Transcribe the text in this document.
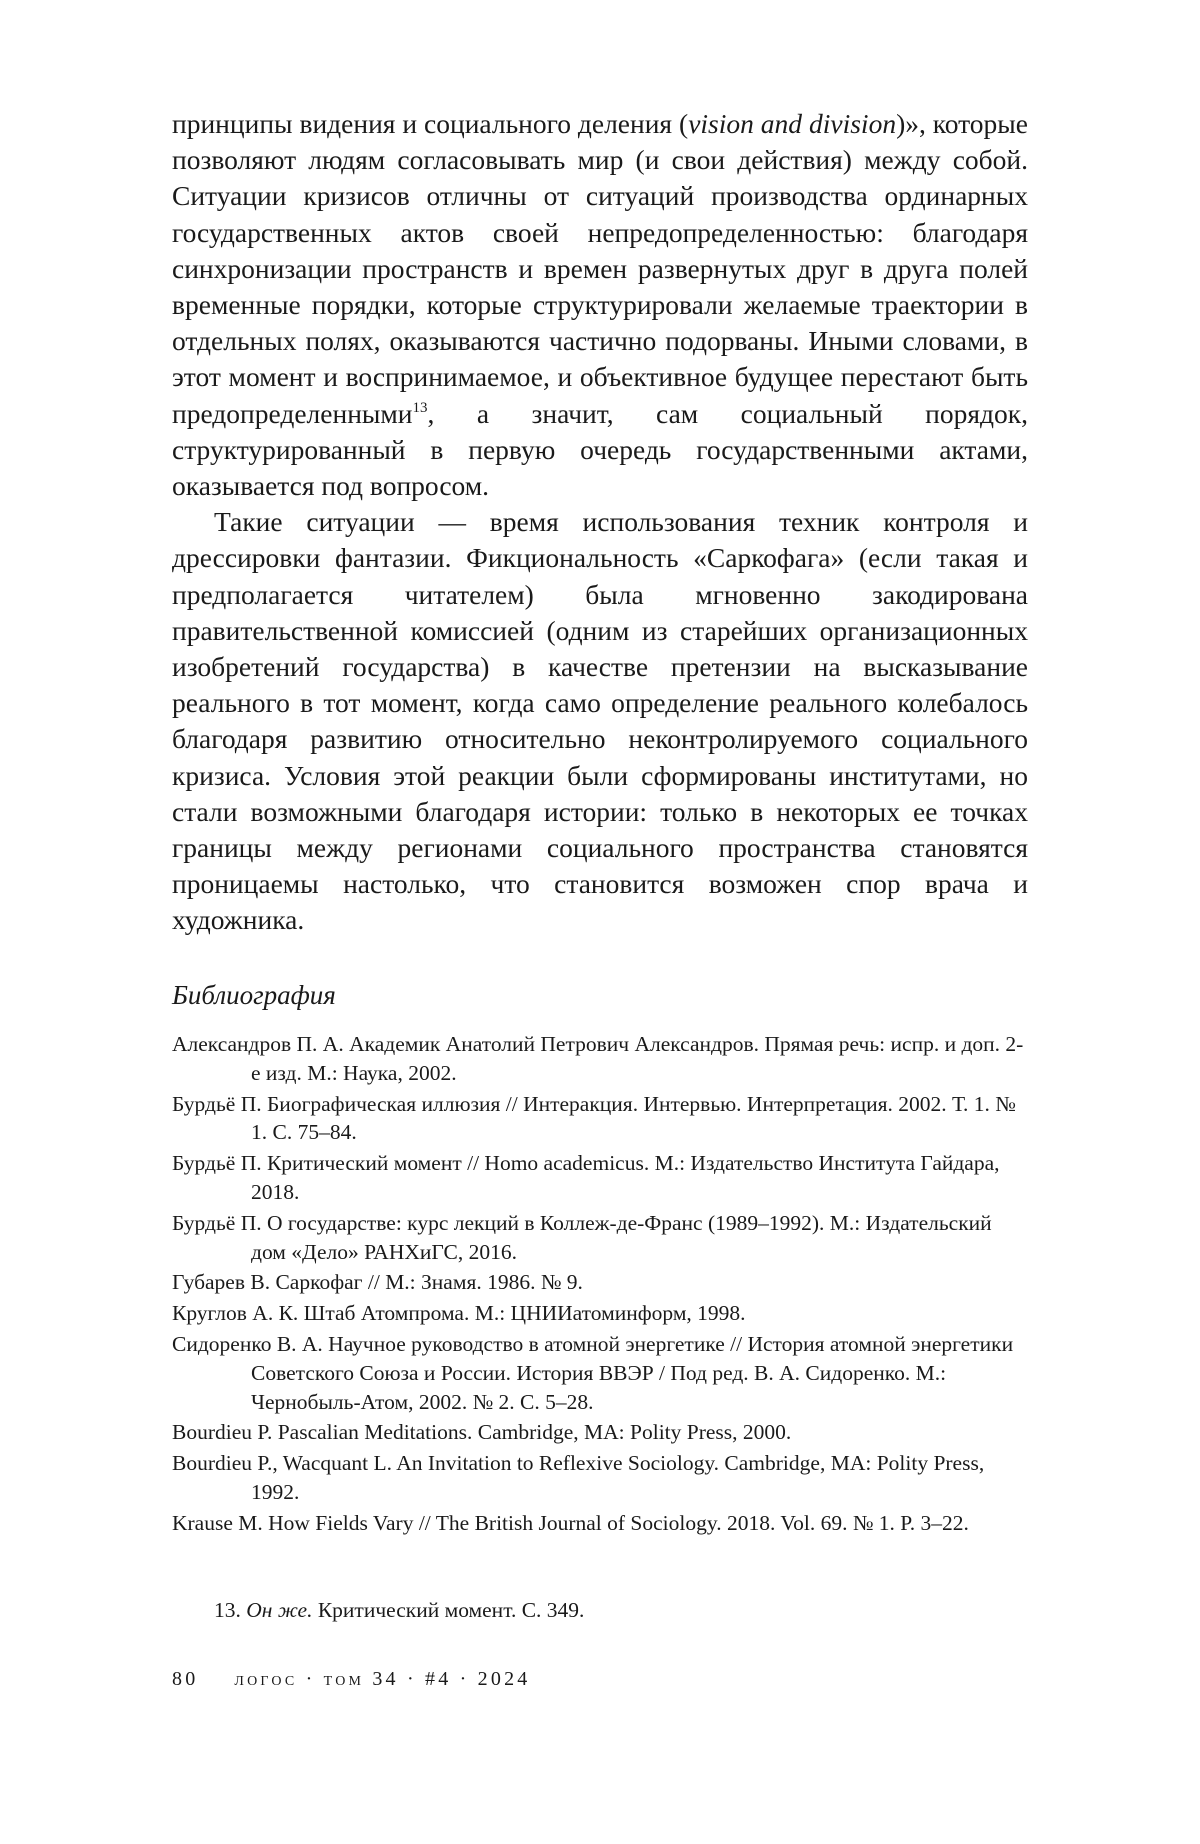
принципы видения и социального деления (vision and division)», которые позволяют людям согласовывать мир (и свои действия) между собой. Ситуации кризисов отличны от ситуаций производства ординарных государственных актов своей непредопределенностью: благодаря синхронизации пространств и времен развернутых друг в друга полей временные порядки, которые структурировали желаемые траектории в отдельных полях, оказываются частично подорваны. Иными словами, в этот момент и воспринимаемое, и объективное будущее перестают быть предопределенными$^{13}$, а значит, сам социальный порядок, структурированный в первую очередь государственными актами, оказывается под вопросом.

Такие ситуации — время использования техник контроля и дрессировки фантазии. Фикциональность «Саркофага» (если такая и предполагается читателем) была мгновенно закодирована правительственной комиссией (одним из старейших организационных изобретений государства) в качестве претензии на высказывание реального в тот момент, когда само определение реального колебалось благодаря развитию относительно неконтролируемого социального кризиса. Условия этой реакции были сформированы институтами, но стали возможными благодаря истории: только в некоторых ее точках границы между регионами социального пространства становятся проницаемы настолько, что становится возможен спор врача и художника.

Библиография
Александров П. А. Академик Анатолий Петрович Александров. Прямая речь: испр. и доп. 2-е изд. М.: Наука, 2002.
Бурдьё П. Биографическая иллюзия // Интеракция. Интервью. Интерпретация. 2002. Т. 1. № 1. С. 75–84.
Бурдьё П. Критический момент // Homo academicus. М.: Издательство Института Гайдара, 2018.
Бурдьё П. О государстве: курс лекций в Коллеж-де-Франс (1989–1992). М.: Издательский дом «Дело» РАНХиГС, 2016.
Губарев В. Саркофаг // М.: Знамя. 1986. № 9.
Круглов А. К. Штаб Атомпрома. М.: ЦНИИатоминформ, 1998.
Сидоренко В. А. Научное руководство в атомной энергетике // История атомной энергетики Советского Союза и России. История ВВЭР / Под ред. В. А. Сидоренко. М.: Чернобыль-Атом, 2002. № 2. С. 5–28.
Bourdieu P. Pascalian Meditations. Cambridge, MA: Polity Press, 2000.
Bourdieu P., Wacquant L. An Invitation to Reflexive Sociology. Cambridge, MA: Polity Press, 1992.
Krause M. How Fields Vary // The British Journal of Sociology. 2018. Vol. 69. № 1. P. 3–22.
13. Он же. Критический момент. С. 349.
80 логос · том 34 · #4 · 2024
